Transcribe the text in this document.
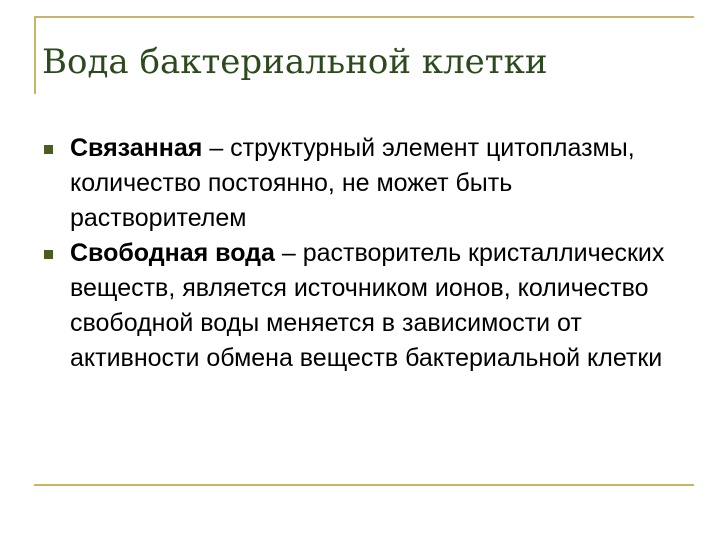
Вода бактериальной клетки
Связанная – структурный элемент цитоплазмы, количество постоянно, не может быть растворителем
Свободная вода – растворитель кристаллических веществ, является источником ионов, количество свободной воды меняется в зависимости от активности обмена веществ бактериальной клетки
